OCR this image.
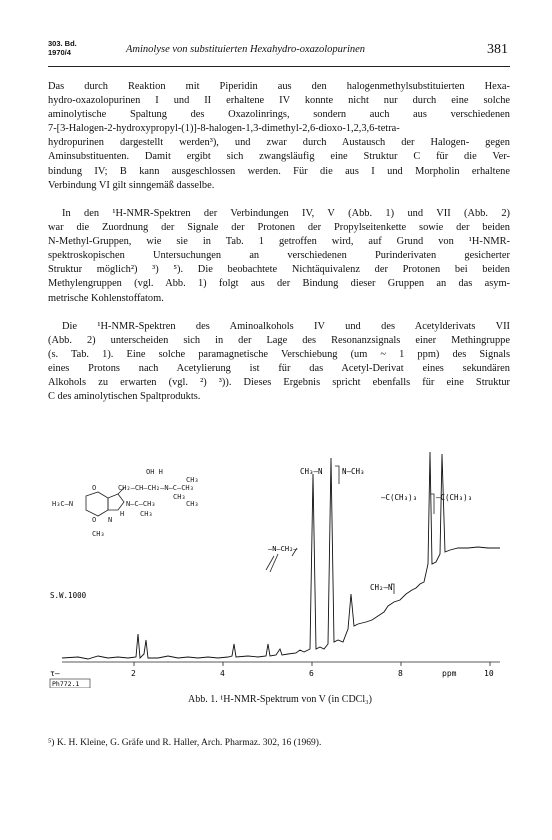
303. Bd.
1970/4	Aminolyse von substituierten Hexahydro-oxazolopurinen	381
Das durch Reaktion mit Piperidin aus den halogenmethylsubstituierten Hexa-
hydro-oxazolopurinen I und II erhaltene IV konnte nicht nur durch eine solche
aminolytische Spaltung des Oxazolinrings, sondern auch aus verschiedenen
7-[3-Halogen-2-hydroxypropyl-(1)]-8-halogen-1,3-dimethyl-2,6-dioxo-1,2,3,6-tetra-
hydropurinen dargestellt werden³), und zwar durch Austausch der Halogen- gegen
Aminsubstituenten. Damit ergibt sich zwangsläufig eine Struktur C für die Ver-
bindung IV; B kann ausgeschlossen werden. Für die aus I und Morpholin erhaltene
Verbindung VI gilt sinngemäß dasselbe.
In den ¹H-NMR-Spektren der Verbindungen IV, V (Abb. 1) und VII (Abb. 2)
war die Zuordnung der Signale der Protonen der Propylseitenkette sowie der beiden
N-Methyl-Gruppen, wie sie in Tab. 1 getroffen wird, auf Grund von ¹H-NMR-
spektroskopischen Untersuchungen an verschiedenen Purinderivaten gesicherter
Struktur möglich²) ³) ⁵). Die beobachtete Nichtäquivalenz der Protonen bei beiden
Methylengruppen (vgl. Abb. 1) folgt aus der Bindung dieser Gruppen an das asym-
metrische Kohlenstoffatom.
Die ¹H-NMR-Spektren des Aminoalkohols IV und des Acetylderivats VII
(Abb. 2) unterscheiden sich in der Lage des Resonanzsignals einer Methingruppe
(s. Tab. 1). Eine solche paramagnetische Verschiebung (um ~ 1 ppm) des Signals
eines Protons nach Acetylierung ist für das Acetyl-Derivat eines sekundären
Alkohols zu erwarten (vgl. ²) ³)). Dieses Ergebnis spricht ebenfalls für eine Struktur
C des aminolytischen Spaltprodukts.
CH₃–N	N–CH₃
–C(CH₃)₃	–C(CH₃)₃
CH₂–N
–N–CH₂–
OH H
CH₃
CH₂–CH–CH₂–N–C–CH₃
CH₃
CH₃
O
H₃C–N	N–C–CH₃
H CH₃
O N
CH₃
S.W.1000
2	4	6	8	10
ppm
τ–
Ph772.1
Abb. 1. ¹H-NMR-Spektrum von V (in CDCl₃)
⁵) K. H. Kleine, G. Gräfe und R. Haller, Arch. Pharmaz. 302, 16 (1969).
